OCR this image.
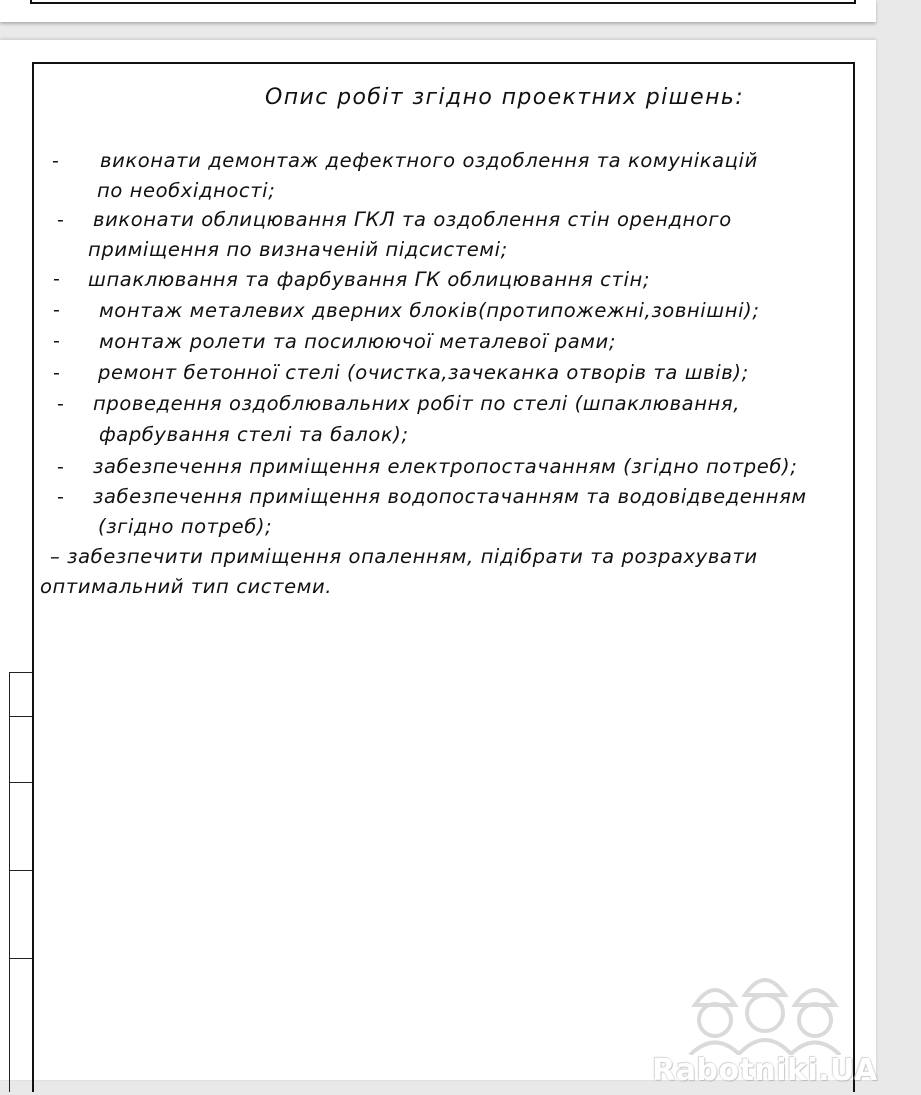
Опис робіт згідно проектних рішень:
-
-
-
-
-
-
-
-
-
виконати демонтаж дефектного оздоблення та комунікацій
по необхідності;
виконати облицювання ГКЛ та оздоблення стін орендного
приміщення по визначеній підсистемі;
шпаклювання та фарбування ГК облицювання стін;
монтаж металевих дверних блоків(протипожежні,зовнішні);
монтаж ролети та посилюючої металевої рами;
ремонт бетонної стелі (очистка,зачеканка отворів та швів);
проведення оздоблювальних робіт по стелі (шпаклювання,
фарбування стелі та балок);
забезпечення приміщення електропостачанням (згідно потреб);
забезпечення приміщення водопостачанням та водовідведенням
(згідно потреб);
– забезпечити приміщення опаленням, підібрати та розрахувати
оптимальний тип системи.
Rabotniki.UA
